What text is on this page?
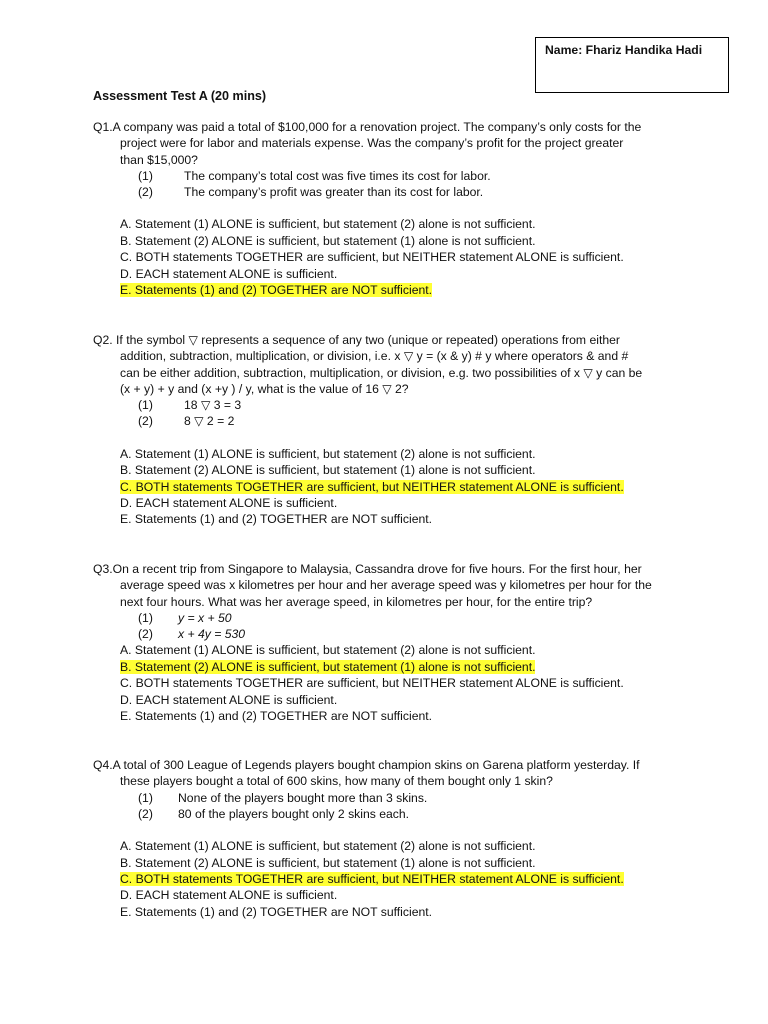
Name: Fhariz Handika Hadi
Assessment Test A (20 mins)
Q1.A company was paid a total of $100,000 for a renovation project. The company’s only costs for the
project were for labor and materials expense. Was the company’s profit for the project greater
than $15,000?
(1)	The company’s total cost was five times its cost for labor.
(2)	The company’s profit was greater than its cost for labor.
A. Statement (1) ALONE is sufficient, but statement (2) alone is not sufficient.
B. Statement (2) ALONE is sufficient, but statement (1) alone is not sufficient.
C. BOTH statements TOGETHER are sufficient, but NEITHER statement ALONE is sufficient.
D. EACH statement ALONE is sufficient.
E. Statements (1) and (2) TOGETHER are NOT sufficient.
Q2. If the symbol ▽ represents a sequence of any two (unique or repeated) operations from either
addition, subtraction, multiplication, or division, i.e. x ▽ y = (x & y) # y where operators & and #
can be either addition, subtraction, multiplication, or division, e.g. two possibilities of x ▽ y can be
(x + y) + y and (x +y ) / y, what is the value of 16 ▽ 2?
(1)	18 ▽ 3 = 3
(2)	8 ▽ 2 = 2
A. Statement (1) ALONE is sufficient, but statement (2) alone is not sufficient.
B. Statement (2) ALONE is sufficient, but statement (1) alone is not sufficient.
C. BOTH statements TOGETHER are sufficient, but NEITHER statement ALONE is sufficient.
D. EACH statement ALONE is sufficient.
E. Statements (1) and (2) TOGETHER are NOT sufficient.
Q3.On a recent trip from Singapore to Malaysia, Cassandra drove for five hours. For the first hour, her
average speed was x kilometres per hour and her average speed was y kilometres per hour for the
next four hours. What was her average speed, in kilometres per hour, for the entire trip?
(1) y = x + 50
(2) x + 4y = 530
A. Statement (1) ALONE is sufficient, but statement (2) alone is not sufficient.
B. Statement (2) ALONE is sufficient, but statement (1) alone is not sufficient.
C. BOTH statements TOGETHER are sufficient, but NEITHER statement ALONE is sufficient.
D. EACH statement ALONE is sufficient.
E. Statements (1) and (2) TOGETHER are NOT sufficient.
Q4.A total of 300 League of Legends players bought champion skins on Garena platform yesterday. If
these players bought a total of 600 skins, how many of them bought only 1 skin?
(1) None of the players bought more than 3 skins.
(2) 80 of the players bought only 2 skins each.
A. Statement (1) ALONE is sufficient, but statement (2) alone is not sufficient.
B. Statement (2) ALONE is sufficient, but statement (1) alone is not sufficient.
C. BOTH statements TOGETHER are sufficient, but NEITHER statement ALONE is sufficient.
D. EACH statement ALONE is sufficient.
E. Statements (1) and (2) TOGETHER are NOT sufficient.
